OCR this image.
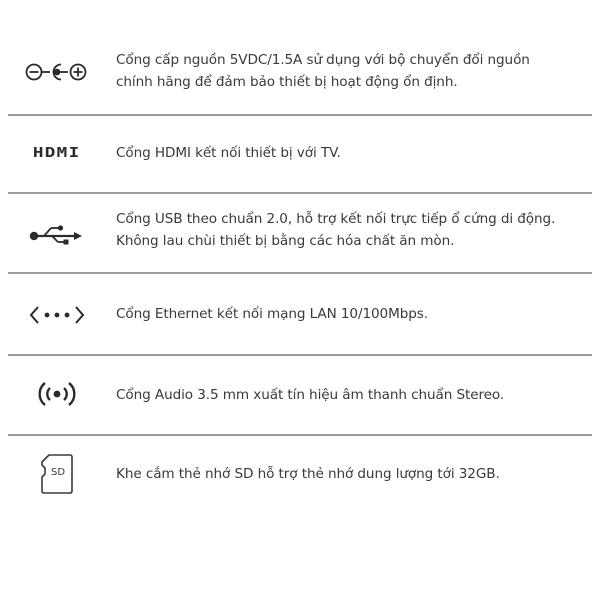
Cổng cấp nguồn 5VDC/1.5A sử dụng với bộ chuyển đổi nguồn

chính hãng để đảm bảo thiết bị hoạt động ổn định.

HDMI	Cổng HDMI kết nối thiết bị với TV.

Cổng USB theo chuẩn 2.0, hỗ trợ kết nối trực tiếp ổ cứng di động.

Không lau chùi thiết bị bằng các hóa chất ăn mòn.

Cổng Ethernet kết nối mạng LAN 10/100Mbps.

Cổng Audio 3.5 mm xuất tín hiệu âm thanh chuẩn Stereo.

SD	Khe cắm thẻ nhớ SD hỗ trợ thẻ nhớ dung lượng tới 32GB.
